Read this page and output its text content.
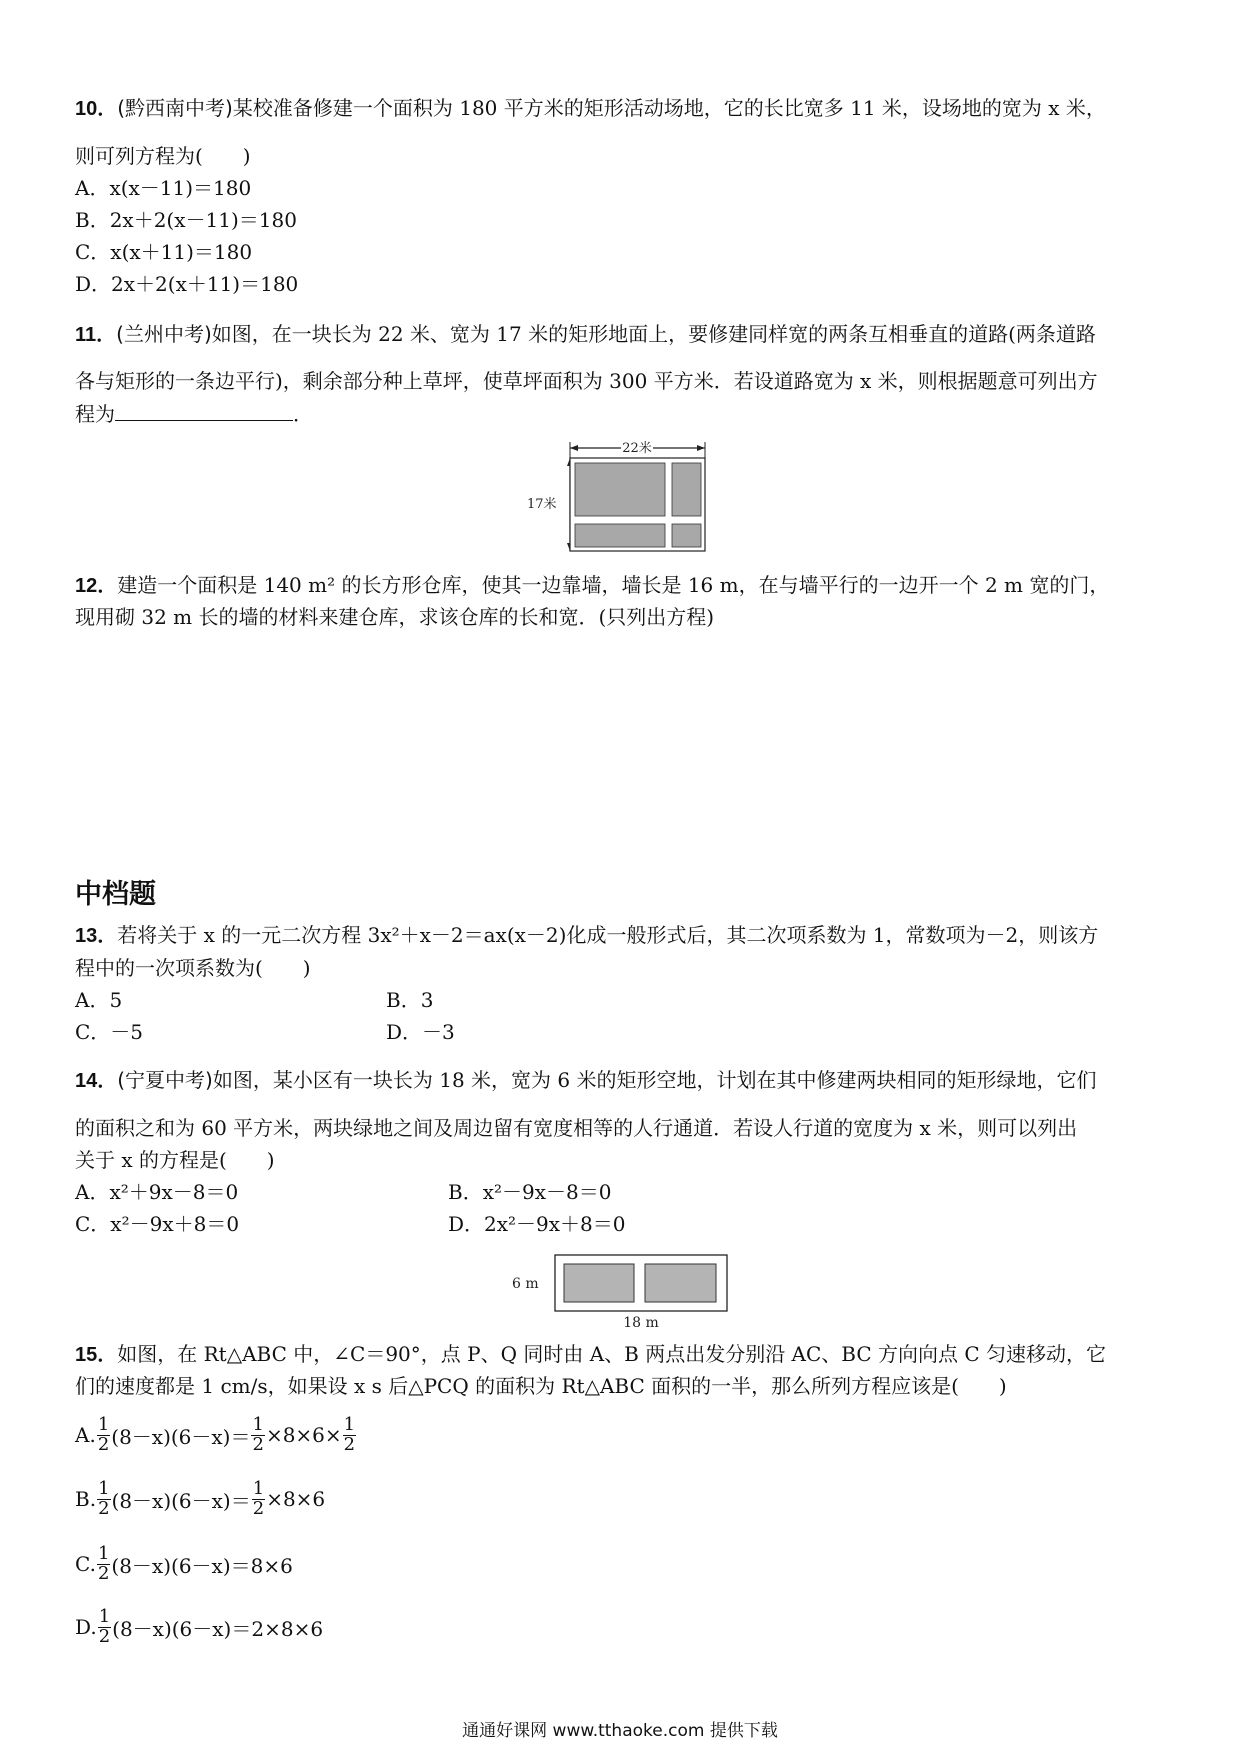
10．(黔西南中考)某校准备修建一个面积为 180 平方米的矩形活动场地，它的长比宽多 11 米，设场地的宽为 x 米，
则可列方程为(　　)
A．x(x－11)＝180
B．2x＋2(x－11)＝180
C．x(x＋11)＝180
D．2x＋2(x＋11)＝180
11．(兰州中考)如图，在一块长为 22 米、宽为 17 米的矩形地面上，要修建同样宽的两条互相垂直的道路(两条道路
各与矩形的一条边平行)，剩余部分种上草坪，使草坪面积为 300 平方米．若设道路宽为 x 米，则根据题意可列出方
程为	．
22米
17米
12．建造一个面积是 140 m² 的长方形仓库，使其一边靠墙，墙长是 16 m，在与墙平行的一边开一个 2 m 宽的门，
现用砌 32 m 长的墙的材料来建仓库，求该仓库的长和宽．(只列出方程)
中档题
13．若将关于 x 的一元二次方程 3x²＋x－2＝ax(x－2)化成一般形式后，其二次项系数为 1，常数项为－2，则该方
程中的一次项系数为(　　)
A．5	B．3
C．－5	D．－3
14．(宁夏中考)如图，某小区有一块长为 18 米，宽为 6 米的矩形空地，计划在其中修建两块相同的矩形绿地，它们
的面积之和为 60 平方米，两块绿地之间及周边留有宽度相等的人行通道．若设人行道的宽度为 x 米，则可以列出
关于 x 的方程是(　　)
A．x²＋9x－8＝0	B．x²－9x－8＝0
C．x²－9x＋8＝0	D．2x²－9x＋8＝0
6 m
18 m
15．如图，在 Rt△ABC 中，∠C＝90°，点 P、Q 同时由 A、B 两点出发分别沿 AC、BC 方向向点 C 匀速移动，它
们的速度都是 1 cm/s，如果设 x s 后△PCQ 的面积为 Rt△ABC 面积的一半，那么所列方程应该是(　　)
A. $\frac{1}{2} (8-x)(6-x)= \frac{1}{2} \times 8\times 6\times \frac{1}{2}$
B. $\frac{1}{2} (8-x)(6-x)= \frac{1}{2} \times 8\times 6$
C. $\frac{1}{2} (8-x)(6-x)=8\times 6$
D. $\frac{1}{2} (8-x)(6-x)=2\times 8\times 6$
通通好课网 www.tthaoke.com 提供下载
